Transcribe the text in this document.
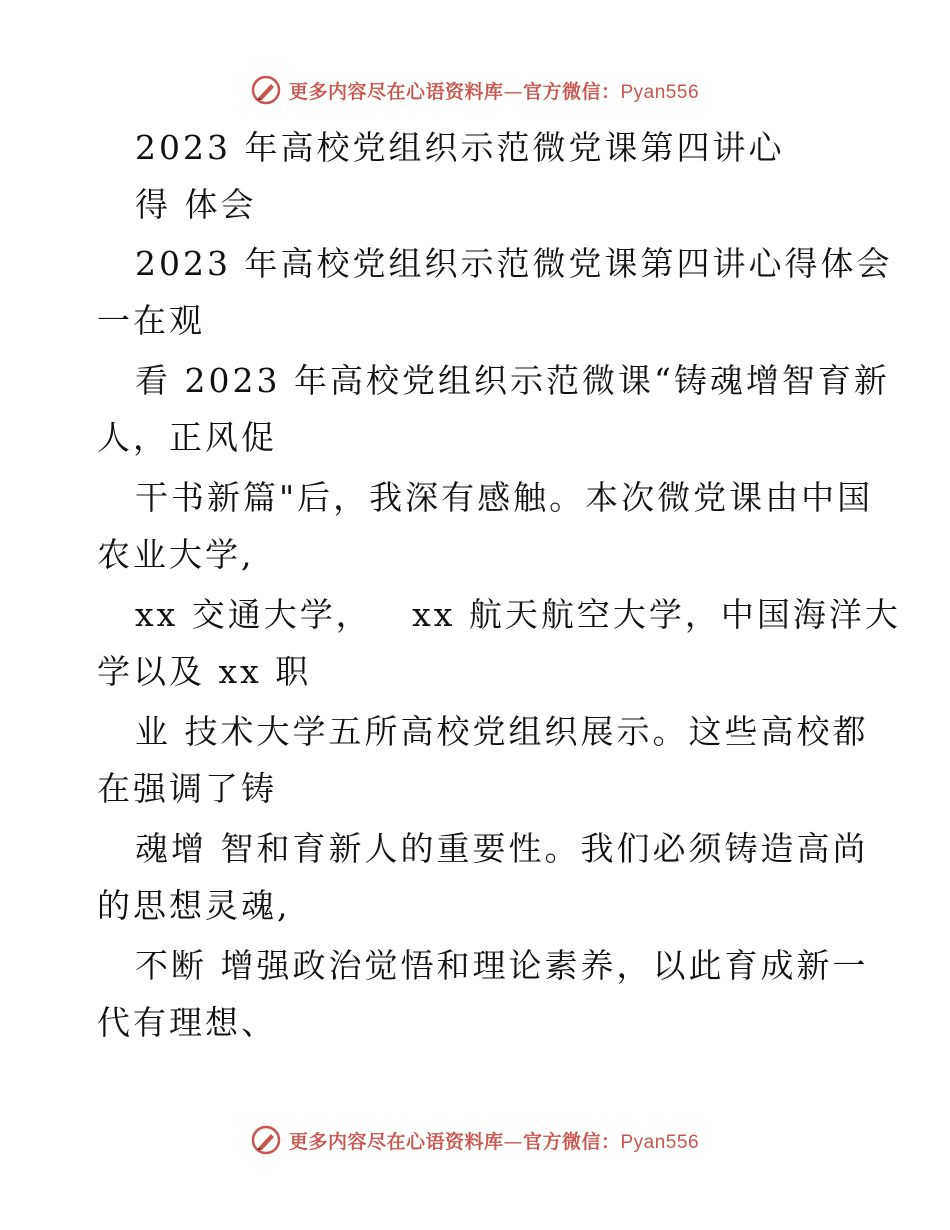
更多内容尽在心语资料库—官方微信：Pyan556
2023 年高校党组织示范微党课第四讲心
得 体会
2023 年高校党组织示范微党课第四讲心得体会
一在观
看 2023 年高校党组织示范微课“铸魂增智育新
人，正风促
干书新篇"后，我深有感触。本次微党课由中国
农业大学,
xx 交通大学，   xx 航天航空大学，中国海洋大
学以及 xx 职
业 技术大学五所高校党组织展示。这些高校都
在强调了铸
魂增 智和育新人的重要性。我们必须铸造高尚
的思想灵魂,
不断 增强政治觉悟和理论素养，以此育成新一
代有理想、
更多内容尽在心语资料库—官方微信：Pyan556
